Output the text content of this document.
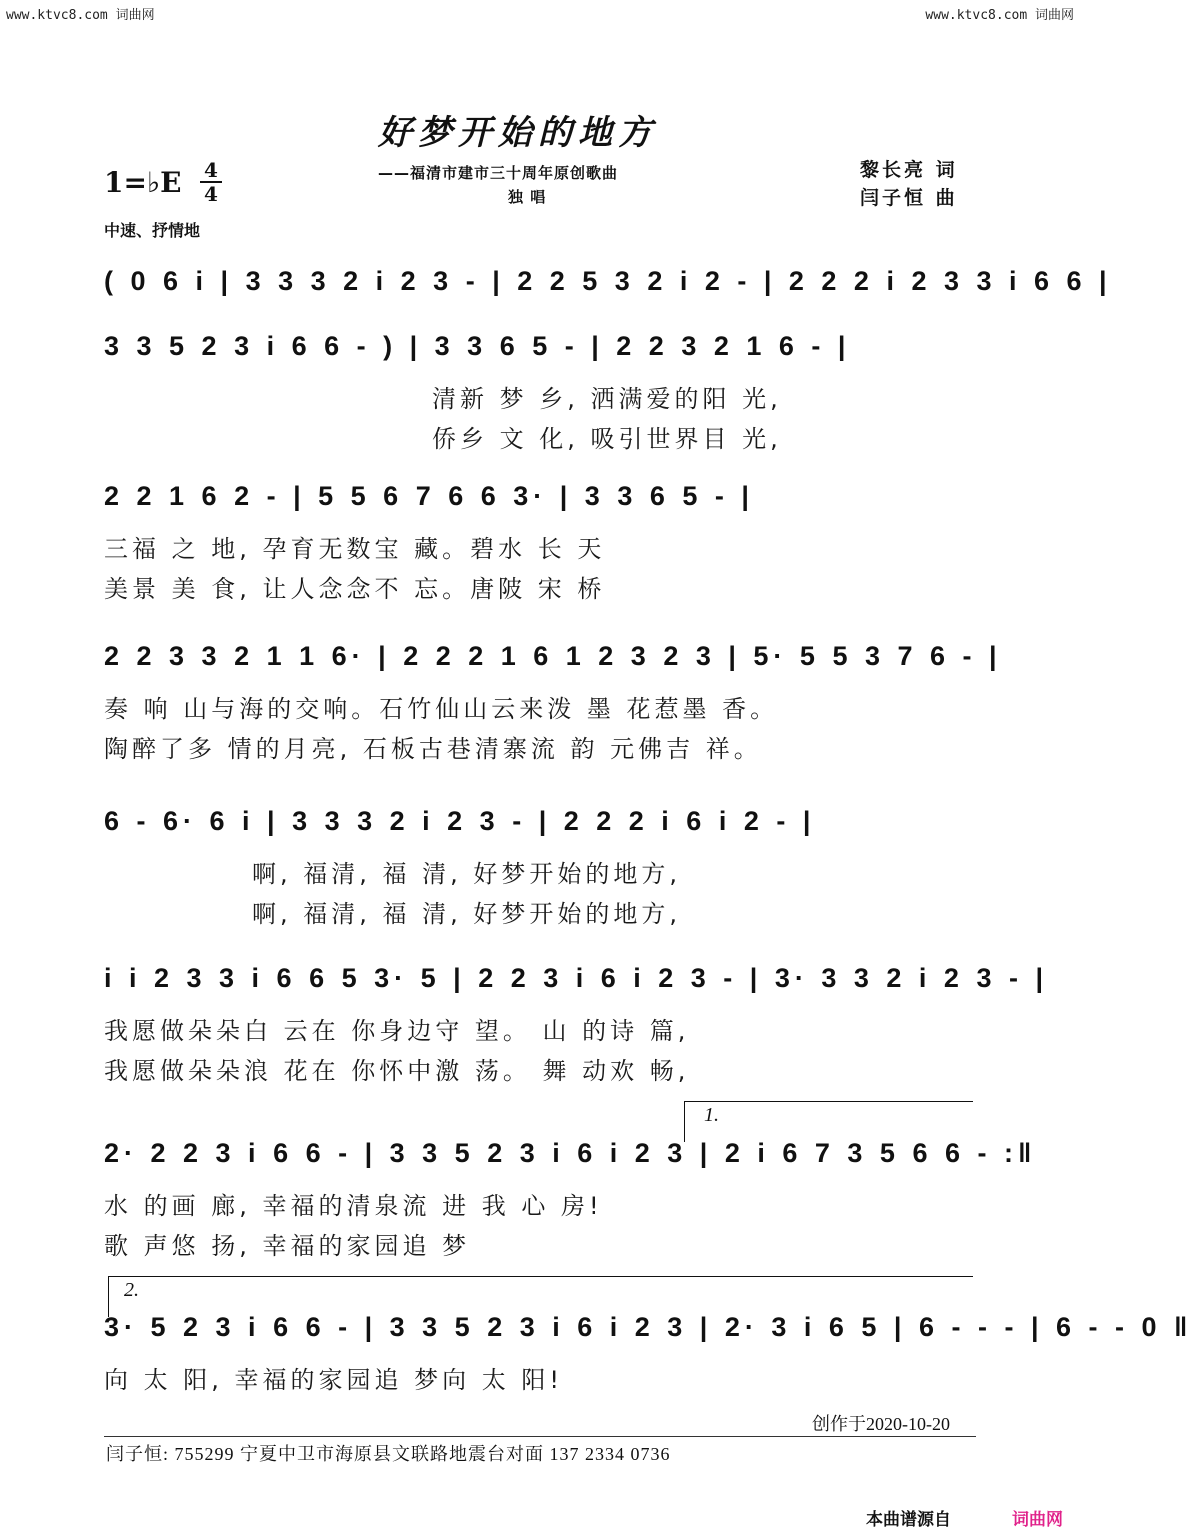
www.ktvc8.com 词曲网	www.ktvc8.com 词曲网
好梦开始的地方
——福清市建市三十周年原创歌曲
独 唱
黎长亮 词
闫子恒 曲
1=♭E 4
4
中速、抒情地
( 0 6 i | 3 3 3 2 i 2 3 - | 2 2 5 3 2 i 2 - | 2 2 2 i 2 3 3 i 6 6 |
3 3 5 2 3 i 6 6 - ) | 3 3 6 5 - | 2 2 3 2 1 6 - |
清新 梦 乡, 洒满爱的阳 光,
侨乡 文 化, 吸引世界目 光,
2 2 1 6 2 - | 5 5 6 7 6 6 3· | 3 3 6 5 - |
三福 之 地, 孕育无数宝 藏。碧水 长 天
美景 美 食, 让人念念不 忘。唐陂 宋 桥
2 2 3 3 2 1 1 6· | 2 2 2 1 6 1 2 3 2 3 | 5· 5 5 3 7 6 - |
奏 响 山与海的交响。石竹仙山云来泼 墨 花惹墨 香。
陶醉了多 情的月亮, 石板古巷清寨流 韵 元佛吉 祥。
6 - 6· 6 i | 3 3 3 2 i 2 3 - | 2 2 2 i 6 i 2 - |
啊, 福清, 福 清, 好梦开始的地方,
啊, 福清, 福 清, 好梦开始的地方,
i i 2 3 3 i 6 6 5 3· 5 | 2 2 3 i 6 i 2 3 - | 3· 3 3 2 i 2 3 - |
我愿做朵朵白 云在 你身边守 望。 山 的诗 篇,
我愿做朵朵浪 花在 你怀中激 荡。 舞 动欢 畅,
2· 2 2 3 i 6 6 - | 3 3 5 2 3 i 6 i 2 3 | 2 i 6 7 3 5 6 6 - :‖
水 的画 廊, 幸福的清泉流 进 我 心 房!
歌 声悠 扬, 幸福的家园追 梦
3· 5 2 3 i 6 6 - | 3 3 5 2 3 i 6 i 2 3 | 2· 3 i 6 5 | 6 - - - | 6 - - 0 ‖
向 太 阳, 幸福的家园追 梦向 太 阳!
1.
2.
创作于2020-10-20
闫子恒: 755299 宁夏中卫市海原县文联路地震台对面 137 2334 0736
本曲谱源自	词曲网
